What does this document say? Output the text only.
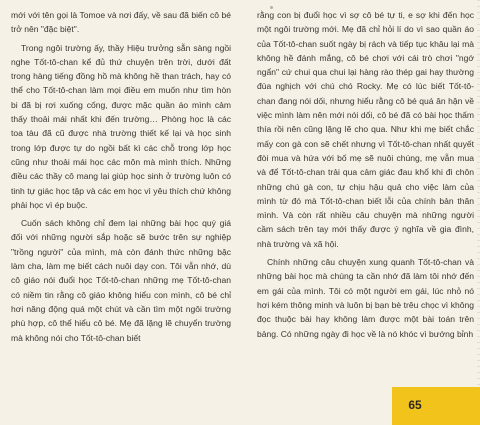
mới với tên gọi là Tomoe và nơi đấy, về sau đã biến cô bé trở nên "đặc biệt".

Trong ngôi trường ấy, thầy Hiệu trưởng sẵn sàng ngồi nghe Tốt-tô-chan kể đủ thứ chuyện trên trời, dưới đất trong hàng tiếng đồng hồ mà không hề than trách, hay có thể cho Tốt-tô-chan làm mọi điều em muốn như tìm hòn bi đã bị rơi xuống cống, được mặc quần áo mình cảm thấy thoải mái nhất khi đến trường… Phòng học là các toa tàu đã cũ được nhà trường thiết kế lại và học sinh trong lớp được tự do ngồi bất kì các chỗ trong lớp học cũng như thoải mái học các môn mà mình thích. Những điều các thầy cô mang lại giúp học sinh ở trường luôn có tinh tự giác học tập và các em học vì yêu thích chứ không phải học vì ép buộc.

Cuốn sách không chỉ đem lại những bài học quý giá đối với những người sắp hoặc sẽ bước trên sự nghiệp "trồng người" của mình, mà còn đánh thức những bậc làm cha, làm mẹ biết cách nuôi dạy con. Tôi vẫn nhớ, dù cô giáo nói đuổi học Tốt-tô-chan những mẹ Tốt-tô-chan có niềm tin rằng cô giáo không hiểu con mình, cô bé chỉ hơi năng động quá một chút và cần tìm một ngôi trường phù hợp, cô thể hiểu cô bé. Mẹ đã lặng lẽ chuyển trường mà không nói cho Tốt-tô-chan biết

rằng con bị đuổi học vì sợ cô bé tự ti, e sợ khi đến học một ngôi trường mới. Mẹ đã chỉ hỏi lí do vì sao quần áo của Tốt-tô-chan suốt ngày bị rách và tiếp tục khâu lại mà không hề đánh mắng, cô bé chơi với cái trò chơi "ngớ ngẩn" cứ chui qua chui lại hàng rào thép gai hay thường đùa nghịch với chú chó Rocky. Mẹ có lúc biết Tốt-tô-chan đang nói dối, nhưng hiểu rằng cô bé quá ân hận về việc mình làm nên mới nói dối, cô bé đã có bài học thấm thía rồi nên cũng lặng lẽ cho qua. Như khi mẹ biết chắc mấy con gà con sẽ chết nhưng vì Tốt-tô-chan nhất quyết đòi mua và hứa với bố mẹ sẽ nuôi chúng, mẹ vẫn mua và để Tốt-tô-chan trải qua cảm giác đau khổ khi đi chôn những chú gà con, tự chịu hậu quả cho việc làm của mình từ đó mà Tốt-tô-chan biết lỗi của chính bản thân mình. Và còn rất nhiều câu chuyện mà những người cầm sách trên tay mới thấy được ý nghĩa về gia đình, nhà trường và xã hội.

Chính những câu chuyện xung quanh Tốt-tô-chan và những bài học mà chúng ta cần nhớ đã làm tôi nhớ đến em gái của mình. Tôi có một người em gái, lúc nhỏ nó hơi kém thông minh và luôn bị bạn bè trêu chọc vì không đọc thuộc bài hay không làm được một bài toán trên bảng. Có những ngày đi học về là nó khóc vì bướng bỉnh

65
